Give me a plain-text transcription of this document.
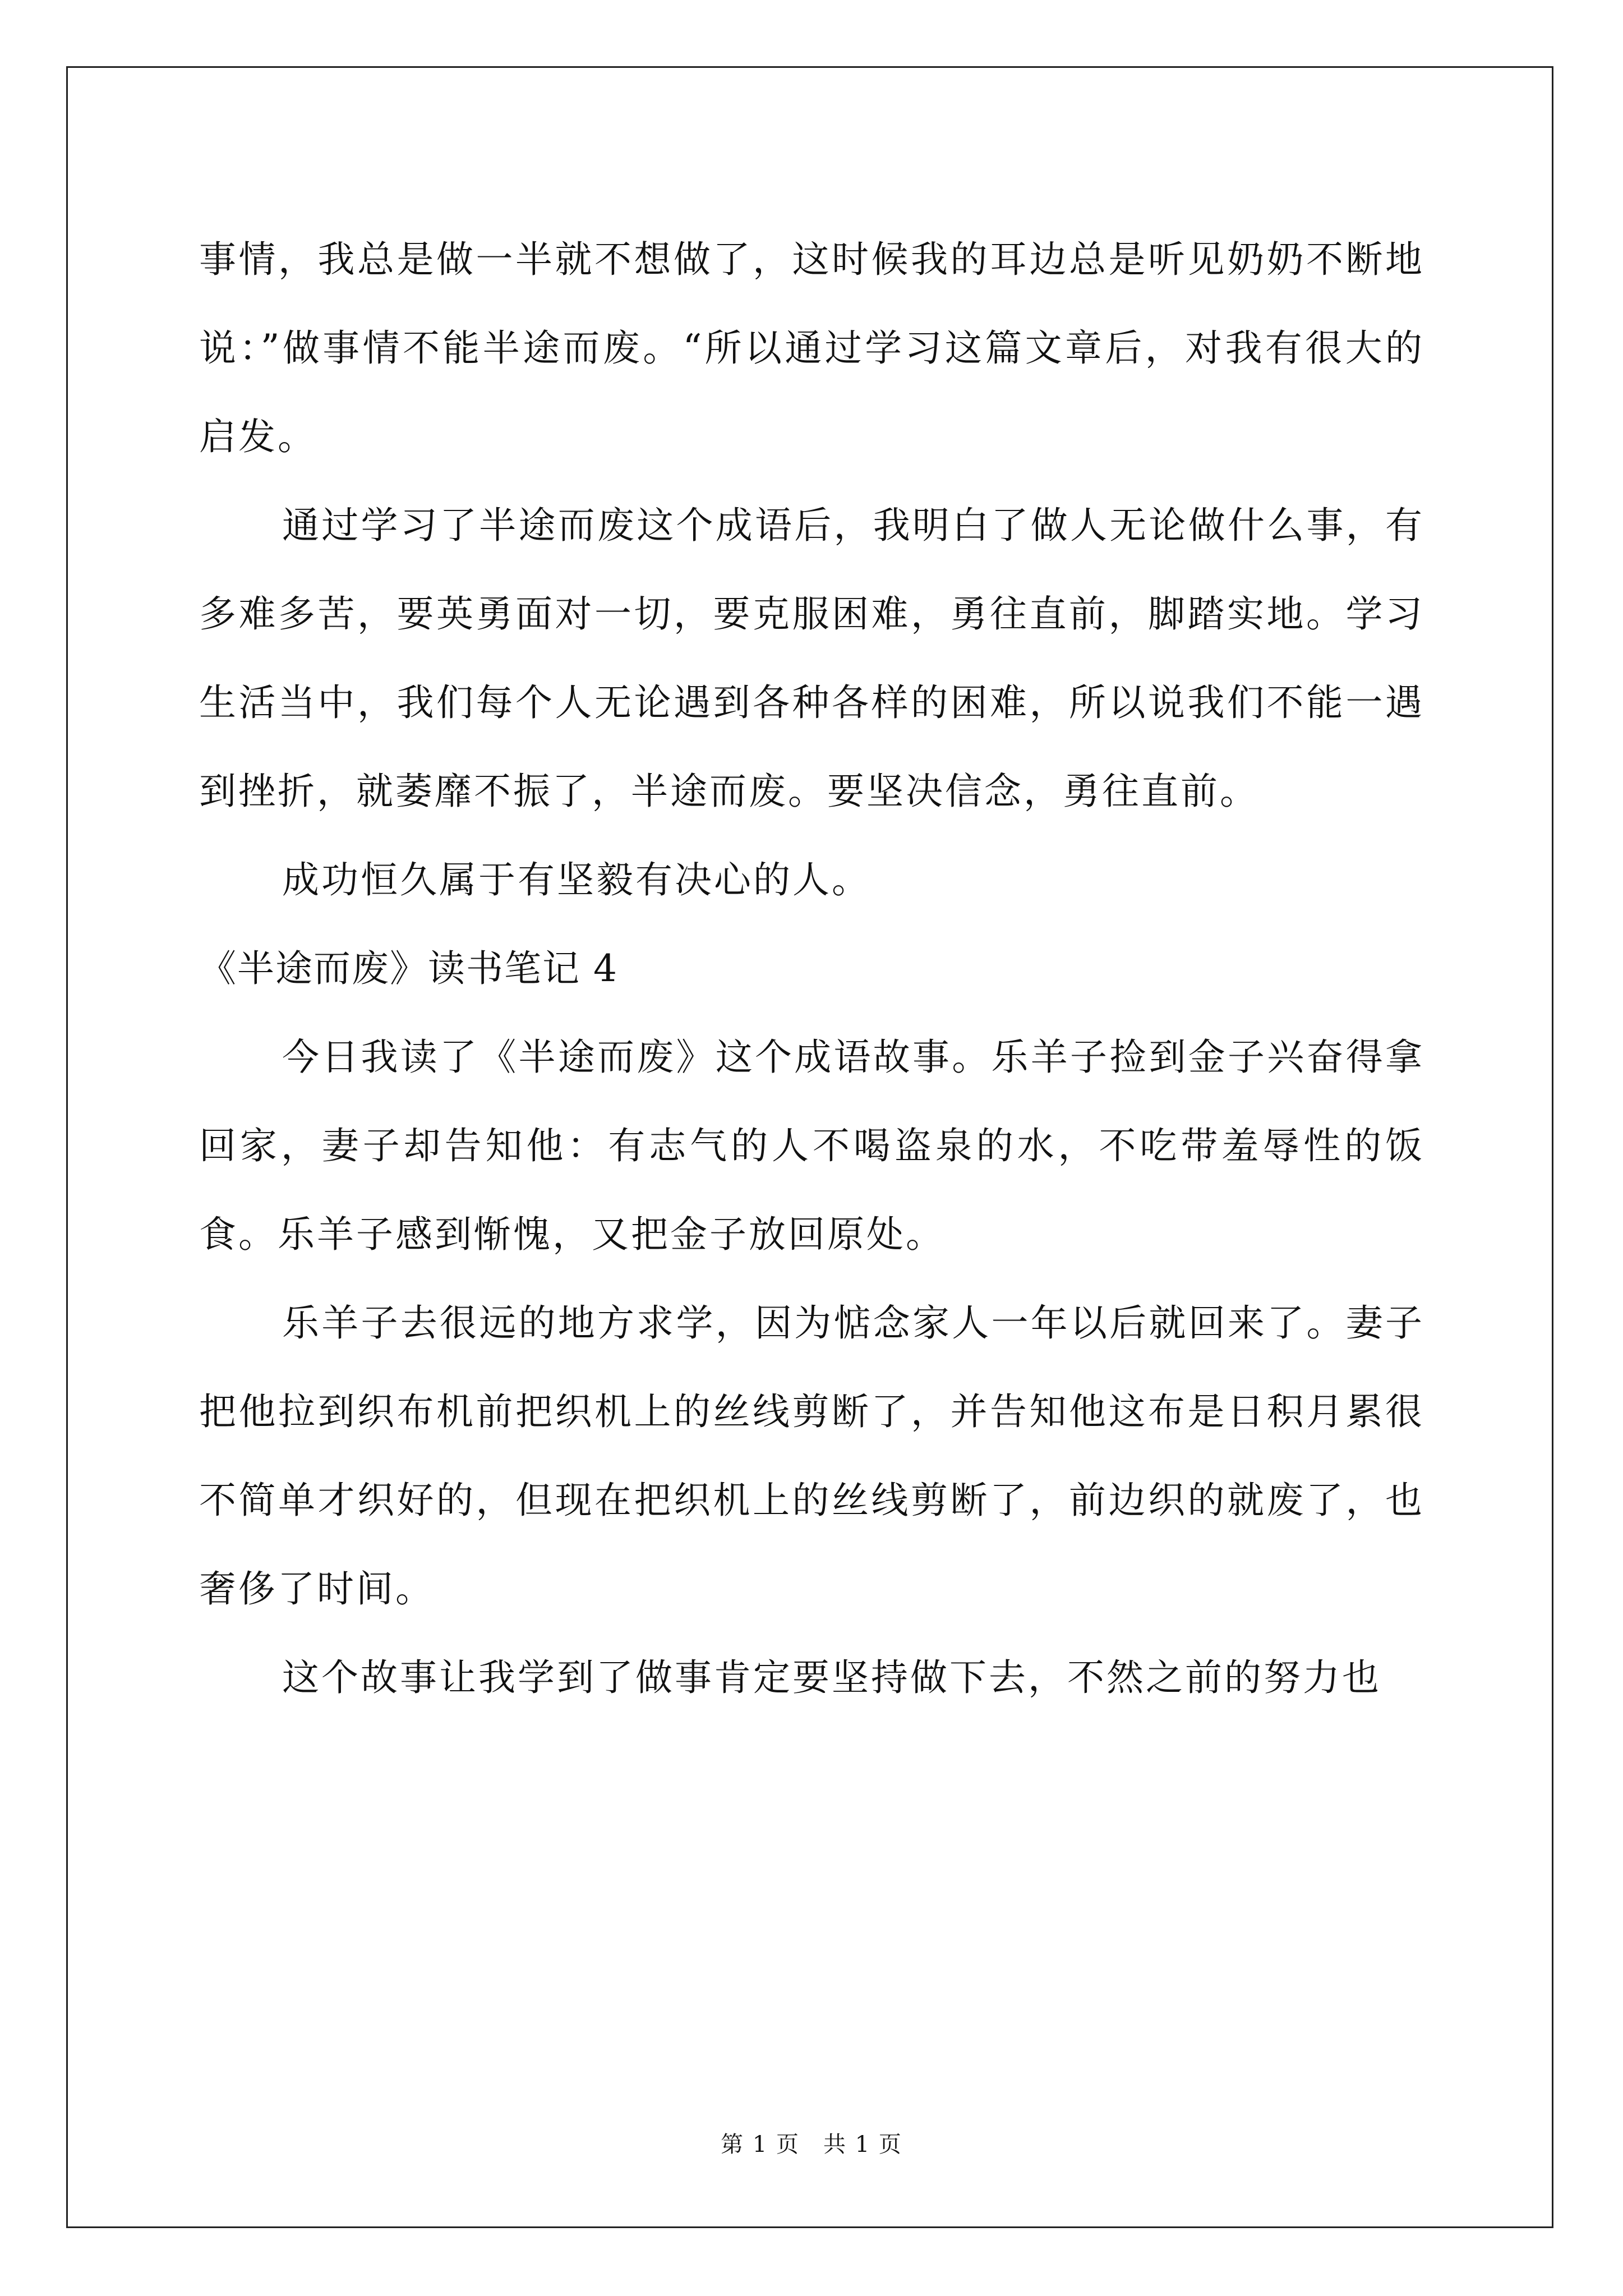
事情，我总是做一半就不想做了，这时候我的耳边总是听见奶奶不断地说：”做事情不能半途而废。“所以通过学习这篇文章后，对我有很大的启发。

通过学习了半途而废这个成语后，我明白了做人无论做什么事，有多难多苦，要英勇面对一切，要克服困难，勇往直前，脚踏实地。学习生活当中，我们每个人无论遇到各种各样的困难，所以说我们不能一遇到挫折，就萎靡不振了，半途而废。要坚决信念，勇往直前。

成功恒久属于有坚毅有决心的人。

《半途而废》读书笔记 4

今日我读了《半途而废》这个成语故事。乐羊子捡到金子兴奋得拿回家，妻子却告知他：有志气的人不喝盗泉的水，不吃带羞辱性的饭食。乐羊子感到惭愧，又把金子放回原处。

乐羊子去很远的地方求学，因为惦念家人一年以后就回来了。妻子把他拉到织布机前把织机上的丝线剪断了，并告知他这布是日积月累很不简单才织好的，但现在把织机上的丝线剪断了，前边织的就废了，也奢侈了时间。

这个故事让我学到了做事肯定要坚持做下去，不然之前的努力也

第 1 页　共 1 页
